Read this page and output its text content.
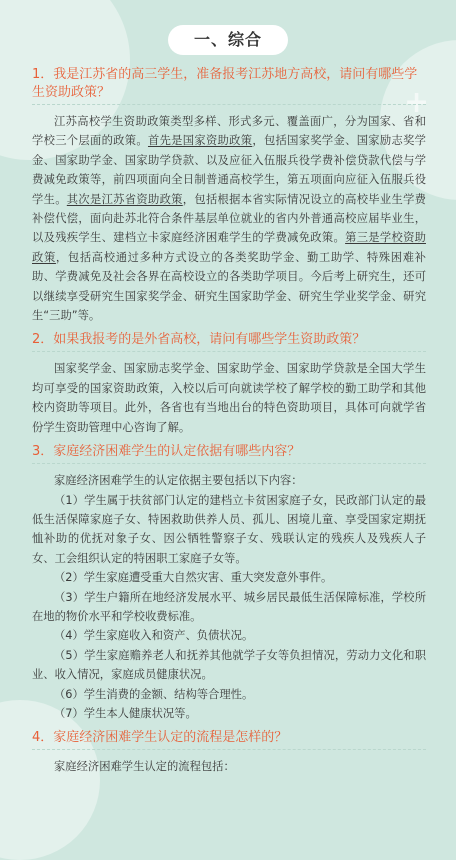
+
一、综合
1．我是江苏省的高三学生，准备报考江苏地方高校，请问有哪些学生资助政策？

江苏高校学生资助政策类型多样、形式多元、覆盖面广，分为国家、省和学校三个层面的政策。首先是国家资助政策，包括国家奖学金、国家励志奖学金、国家助学金、国家助学贷款、以及应征入伍服兵役学费补偿贷款代偿与学费减免政策等，前四项面向全日制普通高校学生，第五项面向应征入伍服兵役学生。其次是江苏省资助政策，包括根据本省实际情况设立的高校毕业生学费补偿代偿，面向赴苏北符合条件基层单位就业的省内外普通高校应届毕业生，以及残疾学生、建档立卡家庭经济困难学生的学费减免政策。第三是学校资助政策，包括高校通过多种方式设立的各类奖助学金、勤工助学、特殊困难补助、学费减免及社会各界在高校设立的各类助学项目。今后考上研究生，还可以继续享受研究生国家奖学金、研究生国家助学金、研究生学业奖学金、研究生“三助”等。

2．如果我报考的是外省高校，请问有哪些学生资助政策？

国家奖学金、国家励志奖学金、国家助学金、国家助学贷款是全国大学生均可享受的国家资助政策，入校以后可向就读学校了解学校的勤工助学和其他校内资助等项目。此外，各省也有当地出台的特色资助项目，具体可向就学省份学生资助管理中心咨询了解。

3．家庭经济困难学生的认定依据有哪些内容？

家庭经济困难学生的认定依据主要包括以下内容：

（1）学生属于扶贫部门认定的建档立卡贫困家庭子女，民政部门认定的最低生活保障家庭子女、特困救助供养人员、孤儿、困境儿童、享受国家定期抚恤补助的优抚对象子女、因公牺牲警察子女、残联认定的残疾人及残疾人子女、工会组织认定的特困职工家庭子女等。

（2）学生家庭遭受重大自然灾害、重大突发意外事件。

（3）学生户籍所在地经济发展水平、城乡居民最低生活保障标准，学校所在地的物价水平和学校收费标准。

（4）学生家庭收入和资产、负债状况。

（5）学生家庭赡养老人和抚养其他就学子女等负担情况，劳动力文化和职业、收入情况，家庭成员健康状况。

（6）学生消费的金额、结构等合理性。

（7）学生本人健康状况等。

4．家庭经济困难学生认定的流程是怎样的？

家庭经济困难学生认定的流程包括：
